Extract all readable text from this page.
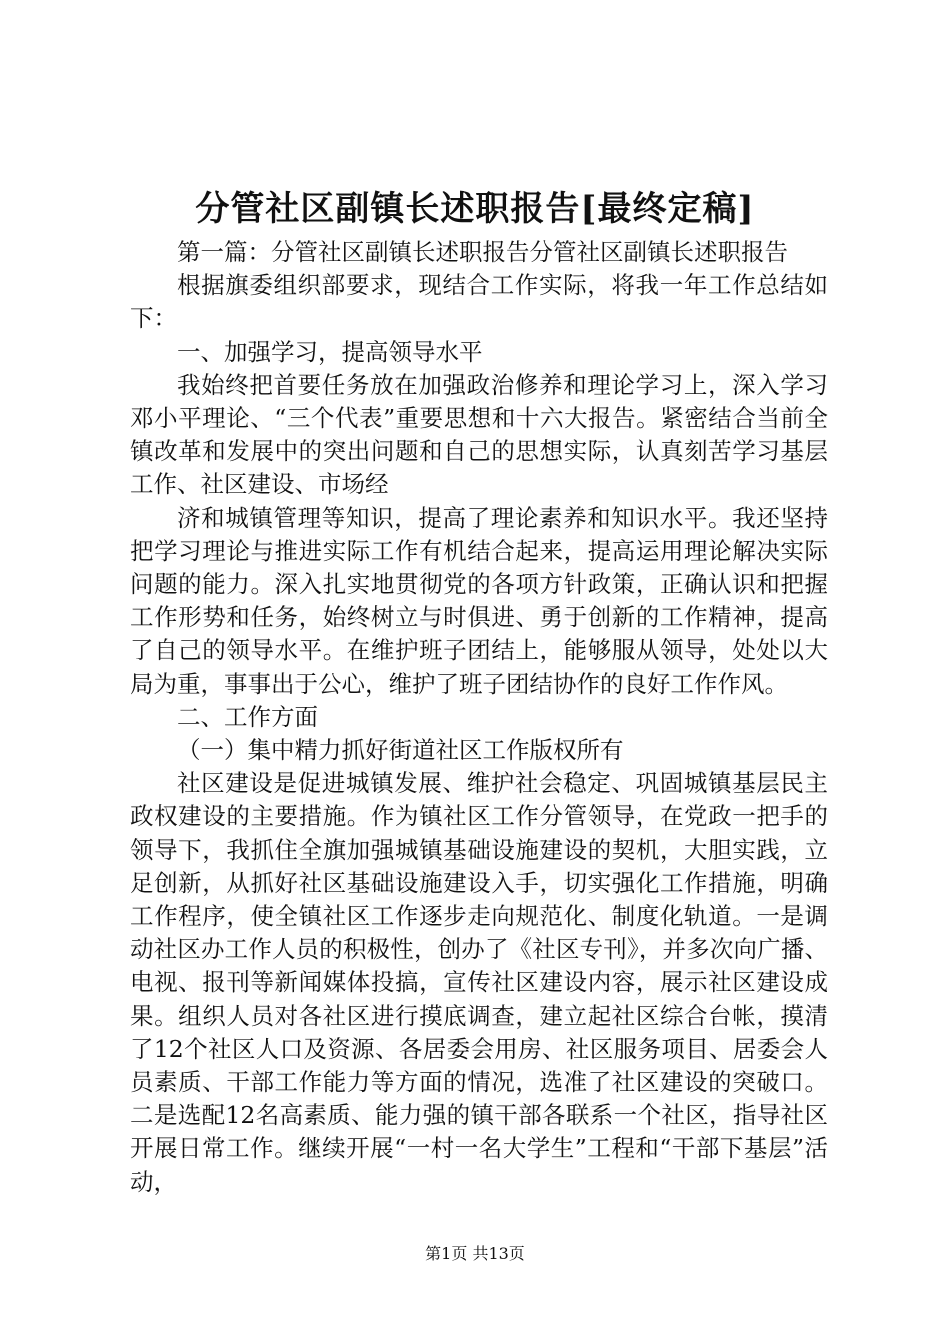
分管社区副镇长述职报告[最终定稿]

第一篇：分管社区副镇长述职报告分管社区副镇长述职报告

根据旗委组织部要求，现结合工作实际，将我一年工作总结如下：

一、加强学习，提高领导水平

我始终把首要任务放在加强政治修养和理论学习上，深入学习邓小平理论、“三个代表”重要思想和十六大报告。紧密结合当前全镇改革和发展中的突出问题和自己的思想实际，认真刻苦学习基层工作、社区建设、市场经

济和城镇管理等知识，提高了理论素养和知识水平。我还坚持把学习理论与推进实际工作有机结合起来，提高运用理论解决实际问题的能力。深入扎实地贯彻党的各项方针政策，正确认识和把握工作形势和任务，始终树立与时俱进、勇于创新的工作精神，提高了自己的领导水平。在维护班子团结上，能够服从领导，处处以大局为重，事事出于公心，维护了班子团结协作的良好工作作风。

二、工作方面

（一）集中精力抓好街道社区工作版权所有

社区建设是促进城镇发展、维护社会稳定、巩固城镇基层民主政权建设的主要措施。作为镇社区工作分管领导，在党政一把手的领导下，我抓住全旗加强城镇基础设施建设的契机，大胆实践，立足创新，从抓好社区基础设施建设入手，切实强化工作措施，明确工作程序，使全镇社区工作逐步走向规范化、制度化轨道。一是调动社区办工作人员的积极性，创办了《社区专刊》，并多次向广播、电视、报刊等新闻媒体投搞，宣传社区建设内容，展示社区建设成果。组织人员对各社区进行摸底调查，建立起社区综合台帐，摸清了12个社区人口及资源、各居委会用房、社区服务项目、居委会人员素质、干部工作能力等方面的情况，选准了社区建设的突破口。二是选配12名高素质、能力强的镇干部各联系一个社区，指导社区开展日常工作。继续开展“一村一名大学生”工程和“干部下基层”活动，

第1页 共13页
